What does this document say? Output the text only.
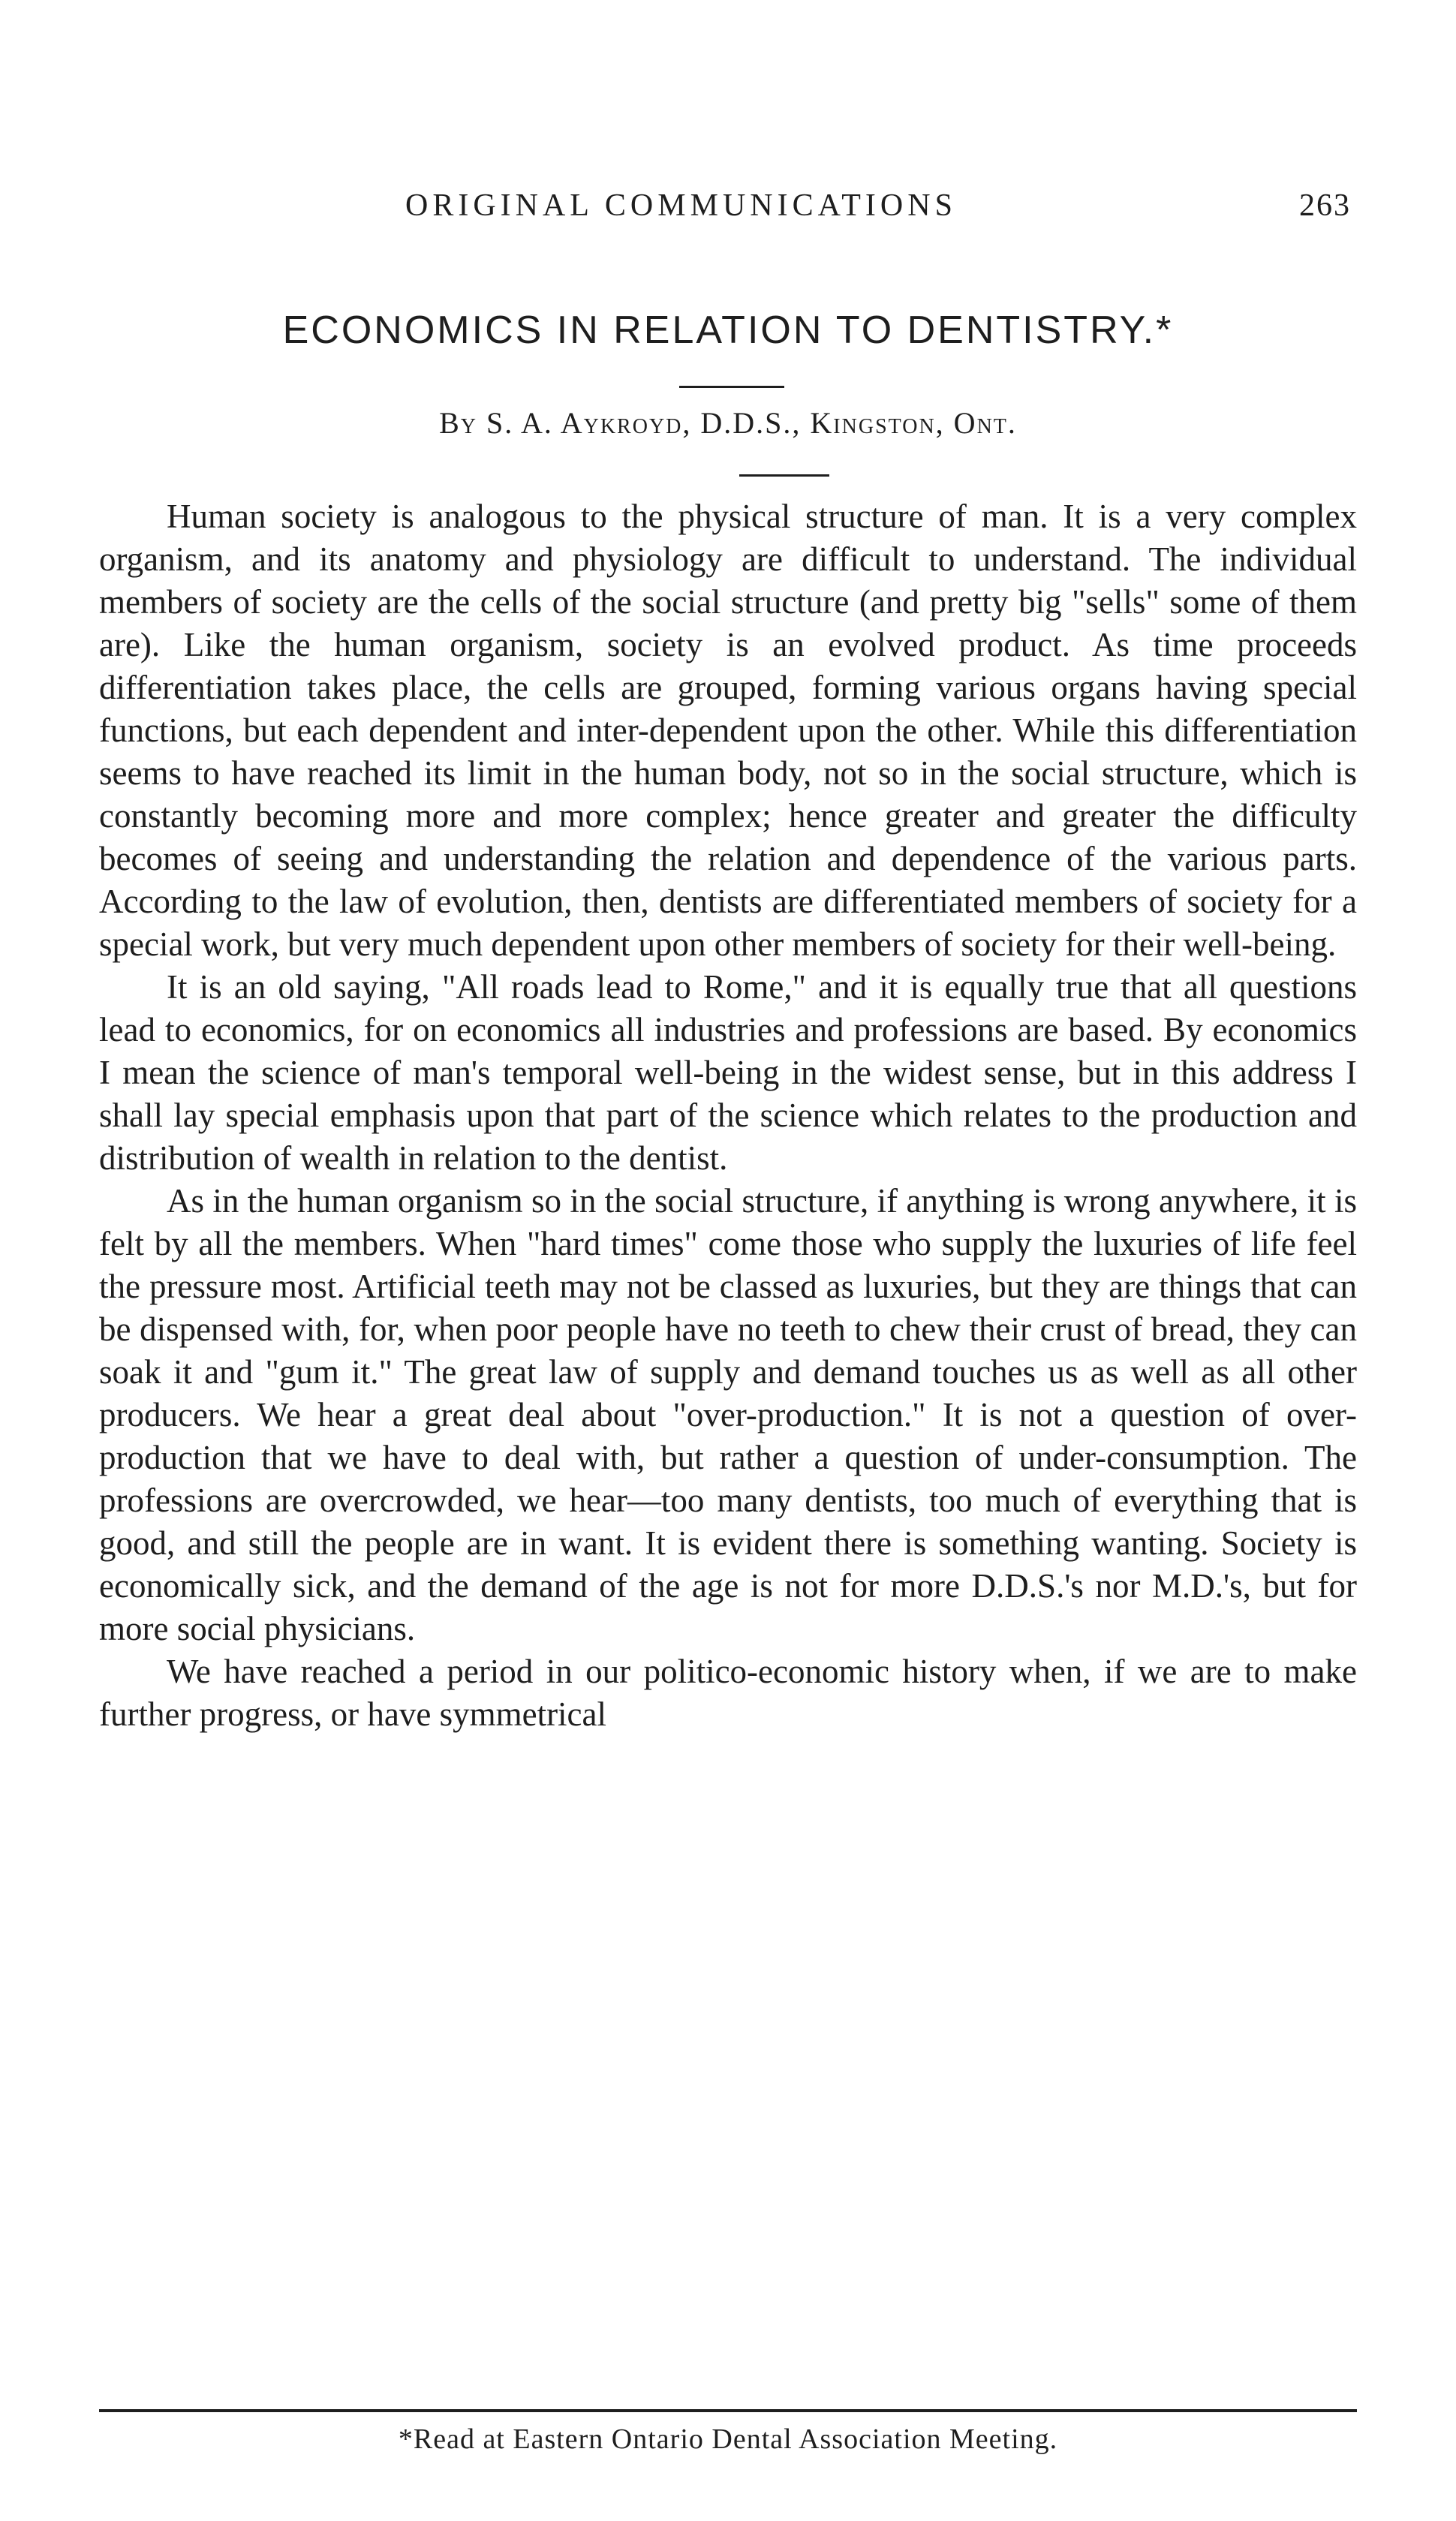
ORIGINAL COMMUNICATIONS	263
ECONOMICS IN RELATION TO DENTISTRY.*
By S. A. Aykroyd, D.D.S., Kingston, Ont.

Human society is analogous to the physical structure of man. It is a very complex organism, and its anatomy and physiology are difficult to understand. The individual members of society are the cells of the social structure (and pretty big "sells" some of them are). Like the human organism, society is an evolved product. As time proceeds differentiation takes place, the cells are grouped, forming various organs having special functions, but each dependent and inter-dependent upon the other. While this differentiation seems to have reached its limit in the human body, not so in the social structure, which is constantly becoming more and more complex; hence greater and greater the difficulty becomes of seeing and understanding the relation and dependence of the various parts. According to the law of evolution, then, dentists are differentiated members of society for a special work, but very much dependent upon other members of society for their well-being.

It is an old saying, "All roads lead to Rome," and it is equally true that all questions lead to economics, for on economics all industries and professions are based. By economics I mean the science of man's temporal well-being in the widest sense, but in this address I shall lay special emphasis upon that part of the science which relates to the production and distribution of wealth in relation to the dentist.

As in the human organism so in the social structure, if anything is wrong anywhere, it is felt by all the members. When "hard times" come those who supply the luxuries of life feel the pressure most. Artificial teeth may not be classed as luxuries, but they are things that can be dispensed with, for, when poor people have no teeth to chew their crust of bread, they can soak it and "gum it." The great law of supply and demand touches us as well as all other producers. We hear a great deal about "over-production." It is not a question of over-production that we have to deal with, but rather a question of under-consumption. The professions are overcrowded, we hear—too many dentists, too much of everything that is good, and still the people are in want. It is evident there is something wanting. Society is economically sick, and the demand of the age is not for more D.D.S.'s nor M.D.'s, but for more social physicians.

We have reached a period in our politico-economic history when, if we are to make further progress, or have symmetrical

*Read at Eastern Ontario Dental Association Meeting.
